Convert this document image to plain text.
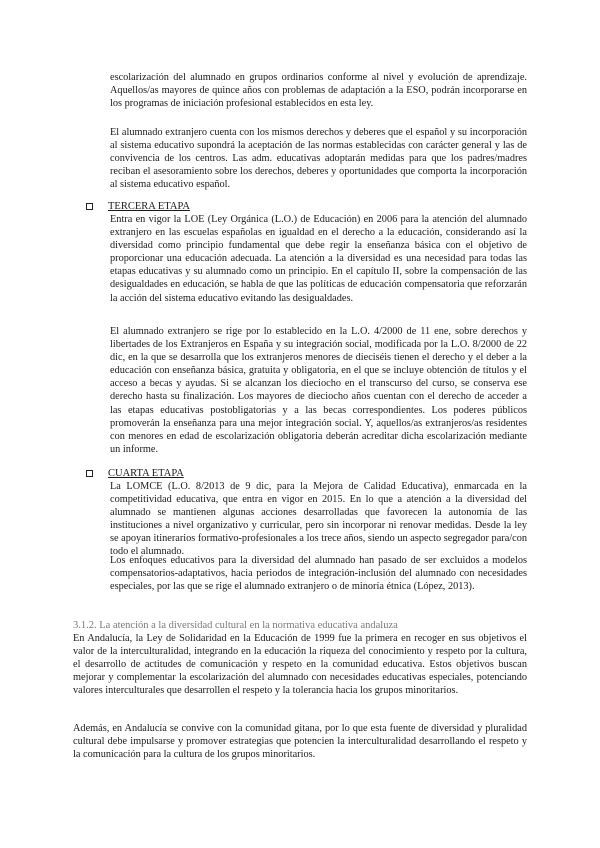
escolarización del alumnado en grupos ordinarios conforme al nivel y evolución de aprendizaje. Aquellos/as mayores de quince años con problemas de adaptación a la ESO, podrán incorporarse en los programas de iniciación profesional establecidos en esta ley.

El alumnado extranjero cuenta con los mismos derechos y deberes que el español y su incorporación al sistema educativo supondrá la aceptación de las normas establecidas con carácter general y las de convivencia de los centros. Las adm. educativas adoptarán medidas para que los padres/madres reciban el asesoramiento sobre los derechos, deberes y oportunidades que comporta la incorporación al sistema educativo español.

TERCERA ETAPA

Entra en vigor la LOE (Ley Orgánica (L.O.) de Educación) en 2006 para la atención del alumnado extranjero en las escuelas españolas en igualdad en el derecho a la educación, considerando así la diversidad como principio fundamental que debe regir la enseñanza básica con el objetivo de proporcionar una educación adecuada. La atención a la diversidad es una necesidad para todas las etapas educativas y su alumnado como un principio. En el capítulo II, sobre la compensación de las desigualdades en educación, se habla de que las políticas de educación compensatoria que reforzarán la acción del sistema educativo evitando las desigualdades.

El alumnado extranjero se rige por lo establecido en la L.O. 4/2000 de 11 ene, sobre derechos y libertades de los Extranjeros en España y su integración social, modificada por la L.O. 8/2000 de 22 dic, en la que se desarrolla que los extranjeros menores de dieciséis tienen el derecho y el deber a la educación con enseñanza básica, gratuita y obligatoria, en el que se incluye obtención de títulos y el acceso a becas y ayudas. Si se alcanzan los dieciocho en el transcurso del curso, se conserva ese derecho hasta su finalización. Los mayores de dieciocho años cuentan con el derecho de acceder a las etapas educativas postobligatorias y a las becas correspondientes. Los poderes públicos promoverán la enseñanza para una mejor integración social. Y, aquellos/as extranjeros/as residentes con menores en edad de escolarización obligatoria deberán acreditar dicha escolarización mediante un informe.

CUARTA ETAPA

La LOMCE (L.O. 8/2013 de 9 dic, para la Mejora de Calidad Educativa), enmarcada en la competitividad educativa, que entra en vigor en 2015. En lo que a atención a la diversidad del alumnado se mantienen algunas acciones desarrolladas que favorecen la autonomía de las instituciones a nivel organizativo y curricular, pero sin incorporar ni renovar medidas. Desde la ley se apoyan itinerarios formativo-profesionales a los trece años, siendo un aspecto segregador para/con todo el alumnado.

Los enfoques educativos para la diversidad del alumnado han pasado de ser excluidos a modelos compensatorios-adaptativos, hacia periodos de integración-inclusión del alumnado con necesidades especiales, por las que se rige el alumnado extranjero o de minoría étnica (López, 2013).

3.1.2. La atención a la diversidad cultural en la normativa educativa andaluza

En Andalucía, la Ley de Solidaridad en la Educación de 1999 fue la primera en recoger en sus objetivos el valor de la interculturalidad, integrando en la educación la riqueza del conocimiento y respeto por la cultura, el desarrollo de actitudes de comunicación y respeto en la comunidad educativa. Estos objetivos buscan mejorar y complementar la escolarización del alumnado con necesidades educativas especiales, potenciando valores interculturales que desarrollen el respeto y la tolerancia hacia los grupos minoritarios.

Además, en Andalucía se convive con la comunidad gitana, por lo que esta fuente de diversidad y pluralidad cultural debe impulsarse y promover estrategias que potencien la interculturalidad desarrollando el respeto y la comunicación para la cultura de los grupos minoritarios.
